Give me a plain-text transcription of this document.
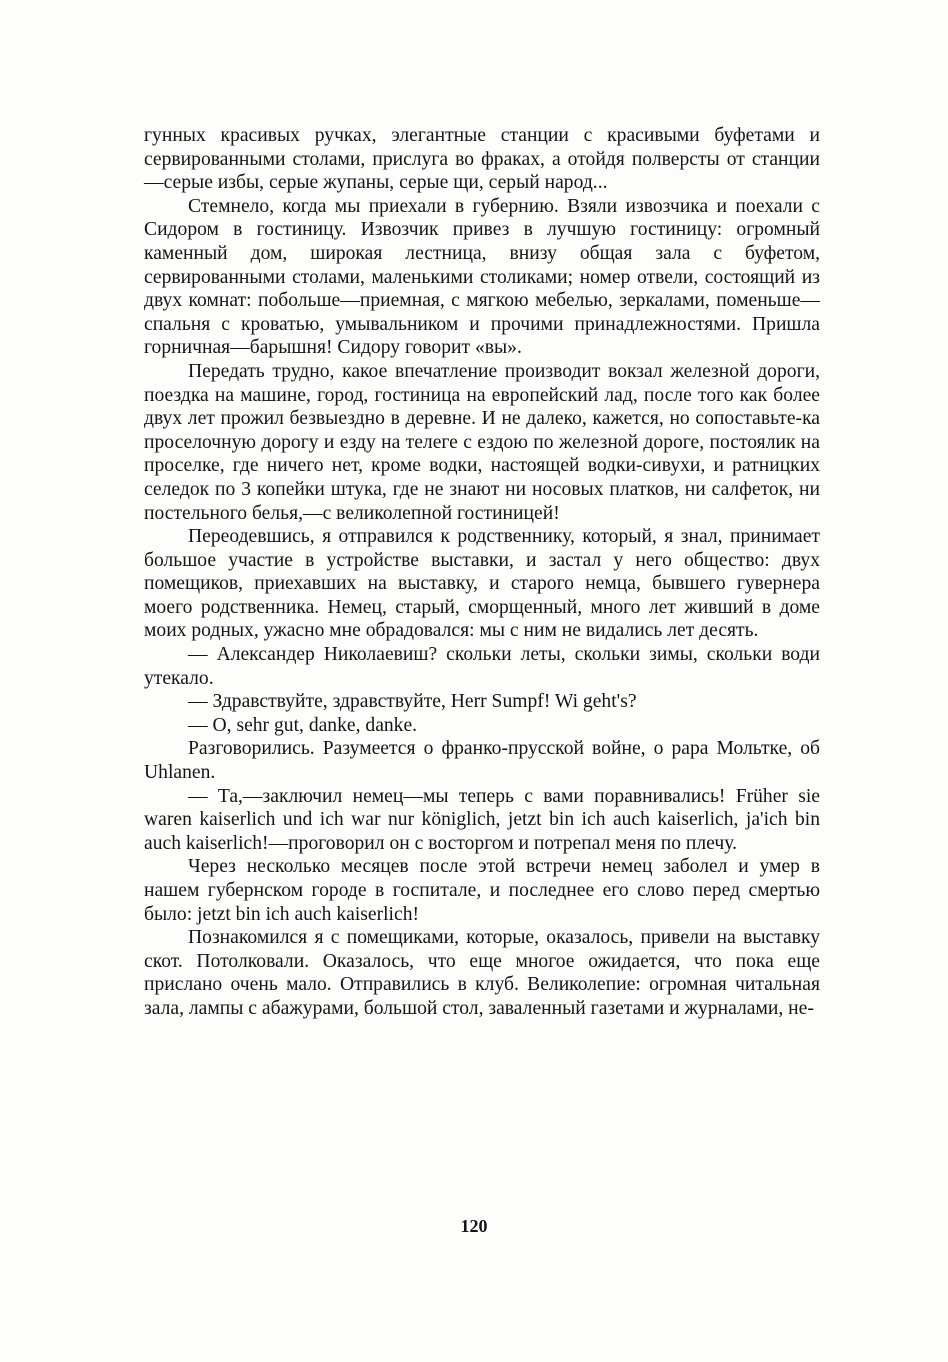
гунных красивых ручках, элегантные станции с красивыми буфетами и сервированными столами, прислуга во фраках, а отойдя полверсты от станции—серые избы, серые жупаны, серые щи, серый народ...

Стемнело, когда мы приехали в губернию. Взяли извозчика и поехали с Сидором в гостиницу. Извозчик привез в лучшую гостиницу: огромный каменный дом, широкая лестница, внизу общая зала с буфетом, сервированными столами, маленькими столиками; номер отвели, состоящий из двух комнат: побольше—приемная, с мягкою мебелью, зеркалами, поменьше—спальня с кроватью, умывальником и прочими принадлежностями. Пришла горничная—барышня! Сидору говорит «вы».

Передать трудно, какое впечатление производит вокзал железной дороги, поездка на машине, город, гостиница на европейский лад, после того как более двух лет прожил безвыездно в деревне. И не далеко, кажется, но сопоставьте-ка проселочную дорогу и езду на телеге с ездою по железной дороге, постоялик на проселке, где ничего нет, кроме водки, настоящей водки-сивухи, и ратницких селедок по 3 копейки штука, где не знают ни носовых платков, ни салфеток, ни постельного белья,—с великолепной гостиницей!

Переодевшись, я отправился к родственнику, который, я знал, принимает большое участие в устройстве выставки, и застал у него общество: двух помещиков, приехавших на выставку, и старого немца, бывшего гувернера моего родственника. Немец, старый, сморщенный, много лет живший в доме моих родных, ужасно мне обрадовался: мы с ним не видались лет десять.

— Александер Николаевиш? скольки леты, скольки зимы, скольки води утекало.

— Здравствуйте, здравствуйте, Herr Sumpf! Wi geht's?

— O, sehr gut, danke, danke.

Разговорились. Разумеется о франко-прусской войне, о papa Мольтке, об Uhlanen.

— Та,—заключил немец—мы теперь с вами поравнивались! Früher sie waren kaiserlich und ich war nur königlich, jetzt bin ich auch kaiserlich, ja'ich bin auch kaiserlich!—проговорил он с восторгом и потрепал меня по плечу.

Через несколько месяцев после этой встречи немец заболел и умер в нашем губернском городе в госпитале, и последнее его слово перед смертью было: jetzt bin ich auch kaiserlich!

Познакомился я с помещиками, которые, оказалось, привели на выставку скот. Потолковали. Оказалось, что еще многое ожидается, что пока еще прислано очень мало. Отправились в клуб. Великолепие: огромная читальная зала, лампы с абажурами, большой стол, заваленный газетами и журналами, не-

120
